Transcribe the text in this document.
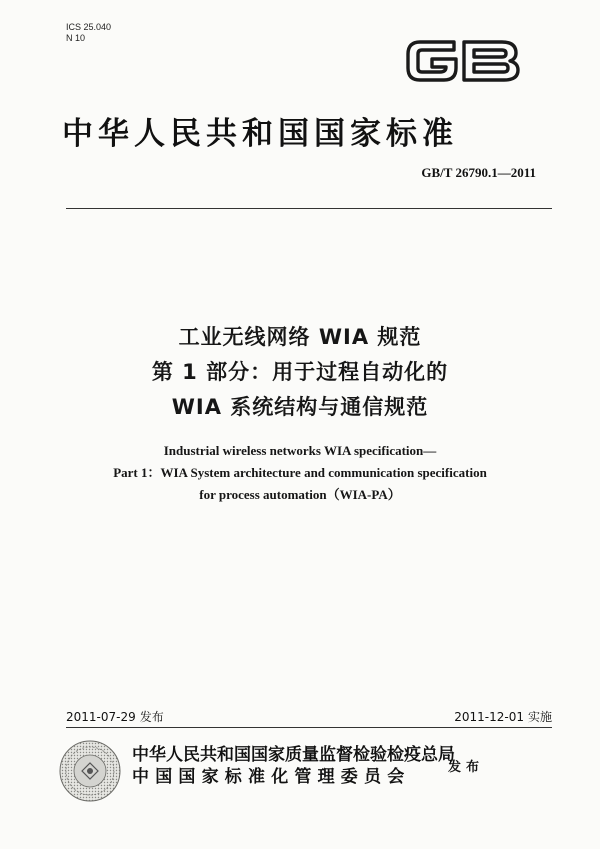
ICS 25.040
N 10
中华人民共和国国家标准
GB/T 26790.1—2011
工业无线网络 WIA 规范
第 1 部分：用于过程自动化的
WIA 系统结构与通信规范
Industrial wireless networks WIA specification—
Part 1：WIA System architecture and communication specification
for process automation（WIA-PA）
2011-07-29 发布	2011-12-01 实施
中华人民共和国国家质量监督检验检疫总局
中国国家标准化管理委员会	发布
